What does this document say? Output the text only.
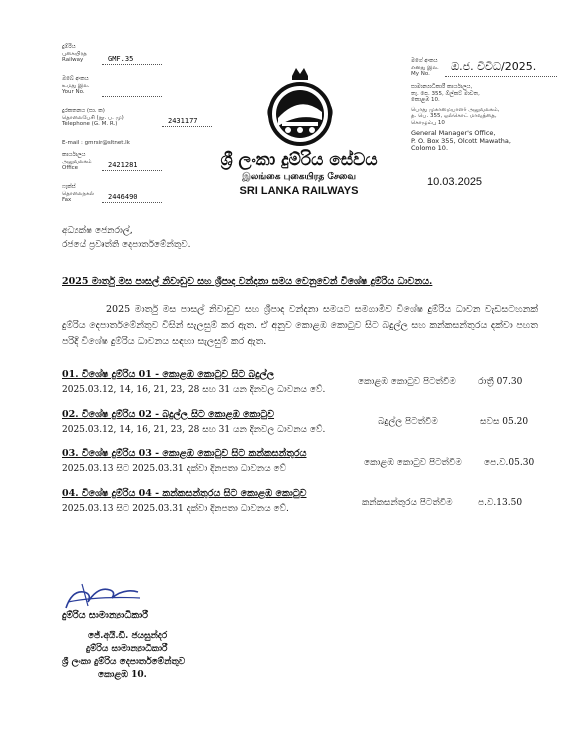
දුම්රිය
புகையிரத
Railway	GMF.35
ඔබේ අංකය
உமது இல.
Your No.
දුරකතනය (සා. ක)
தொலைபேசி (நூ. ப. மு)
Telephone (G. M. R.)	2431177
E-mail : gmrsir@sltnet.lk
කාර්යාලය
அலுவலகம்
Office	2421281
ෆැක්ස්
தொலைநகல்
Fax	2446490
ශ්‍රී ලංකා දුම්රිය සේවය
இலங்கை புகையிரத சேவை
SRI LANKA RAILWAYS
මගේ අංකය
எனது இல.
My No.
ඔ.ජ. විවිධ/2025.
සාමාන්‍යාධිකාරී කාර්යාලය,
තැ. පෙ. 355, ඕල්කට් මාවත,
කොළඹ 10.
பொது முகாமையாளர் அலுவலகம்,
த. பெ. 355, ஒல்கொட் மாவத்தை,
கொழும்பு 10
General Manager's Office,
P. O. Box 355, Olcott Mawatha,
Colomo 10.
10.03.2025
අධ්‍යක්ෂ ජෙනරාල්,
රජයේ ප්‍රවෘත්ති දෙපාර්තමේන්තුව.
2025 මාර්තු මස පාසල් නිවාඩුව සහ ශ්‍රීපාද වන්දනා සමය වෙනුවෙන් විශේෂ දුම්රිය ධාවනය.
2025 මාර්තු මස පාසල් නිවාඩුව සහ ශ්‍රීපාද වන්දනා සමයට සමගාමීව විශේෂ දුම්රිය ධාවන වැඩසටහනක් දුම්රිය දෙපාර්තමේන්තුව විසින් සැලසුම් කර ඇත. ඒ අනුව කොළඹ කොටුව සිට බදුල්ල සහ කන්කසන්තුරය දක්වා පහත පරිදි විශේෂ දුම්රිය ධාවනය සඳහා සැලසුම් කර ඇත.
01. විශේෂ දුම්රිය 01 - කොළඹ කොටුව සිට බදුල්ල
2025.03.12, 14, 16, 21, 23, 28 සහ 31 යන දිනවල ධාවනය වේ.
කොළඹ කොටුව පිටත්වීම රාත්‍රී 07.30
02. විශේෂ දුම්රිය 02 - බදුල්ල සිට කොළඹ කොටුව
2025.03.12, 14, 16, 21, 23, 28 සහ 31 යන දිනවල ධාවනය වේ.
බදුල්ල පිටත්වීම	සවස 05.20
03. විශේෂ දුම්රිය 03 - කොළඹ කොටුව සිට කන්කසන්තුරය
2025.03.13 සිට 2025.03.31 දක්වා දිනපතා ධාවනය වේ
කොළඹ කොටුව පිටත්වීම පෙ.ව.05.30
04. විශේෂ දුම්රිය 04 - කන්කසන්තුරය සිට කොළඹ කොටුව
2025.03.13 සිට 2025.03.31 දක්වා දිනපතා ධාවනය වේ.
කන්කසන්තුරය පිටත්වීම	ප.ව.13.50
දුම්රිය සාමාන්‍යාධිකාරී
ජේ.අයි.ඩී. ජයසුන්දර
දුම්රිය සාමාන්‍යාධිකාරී
ශ්‍රී ලංකා දුම්රිය දෙපාර්තමේන්තුව
කොළඹ 10.
